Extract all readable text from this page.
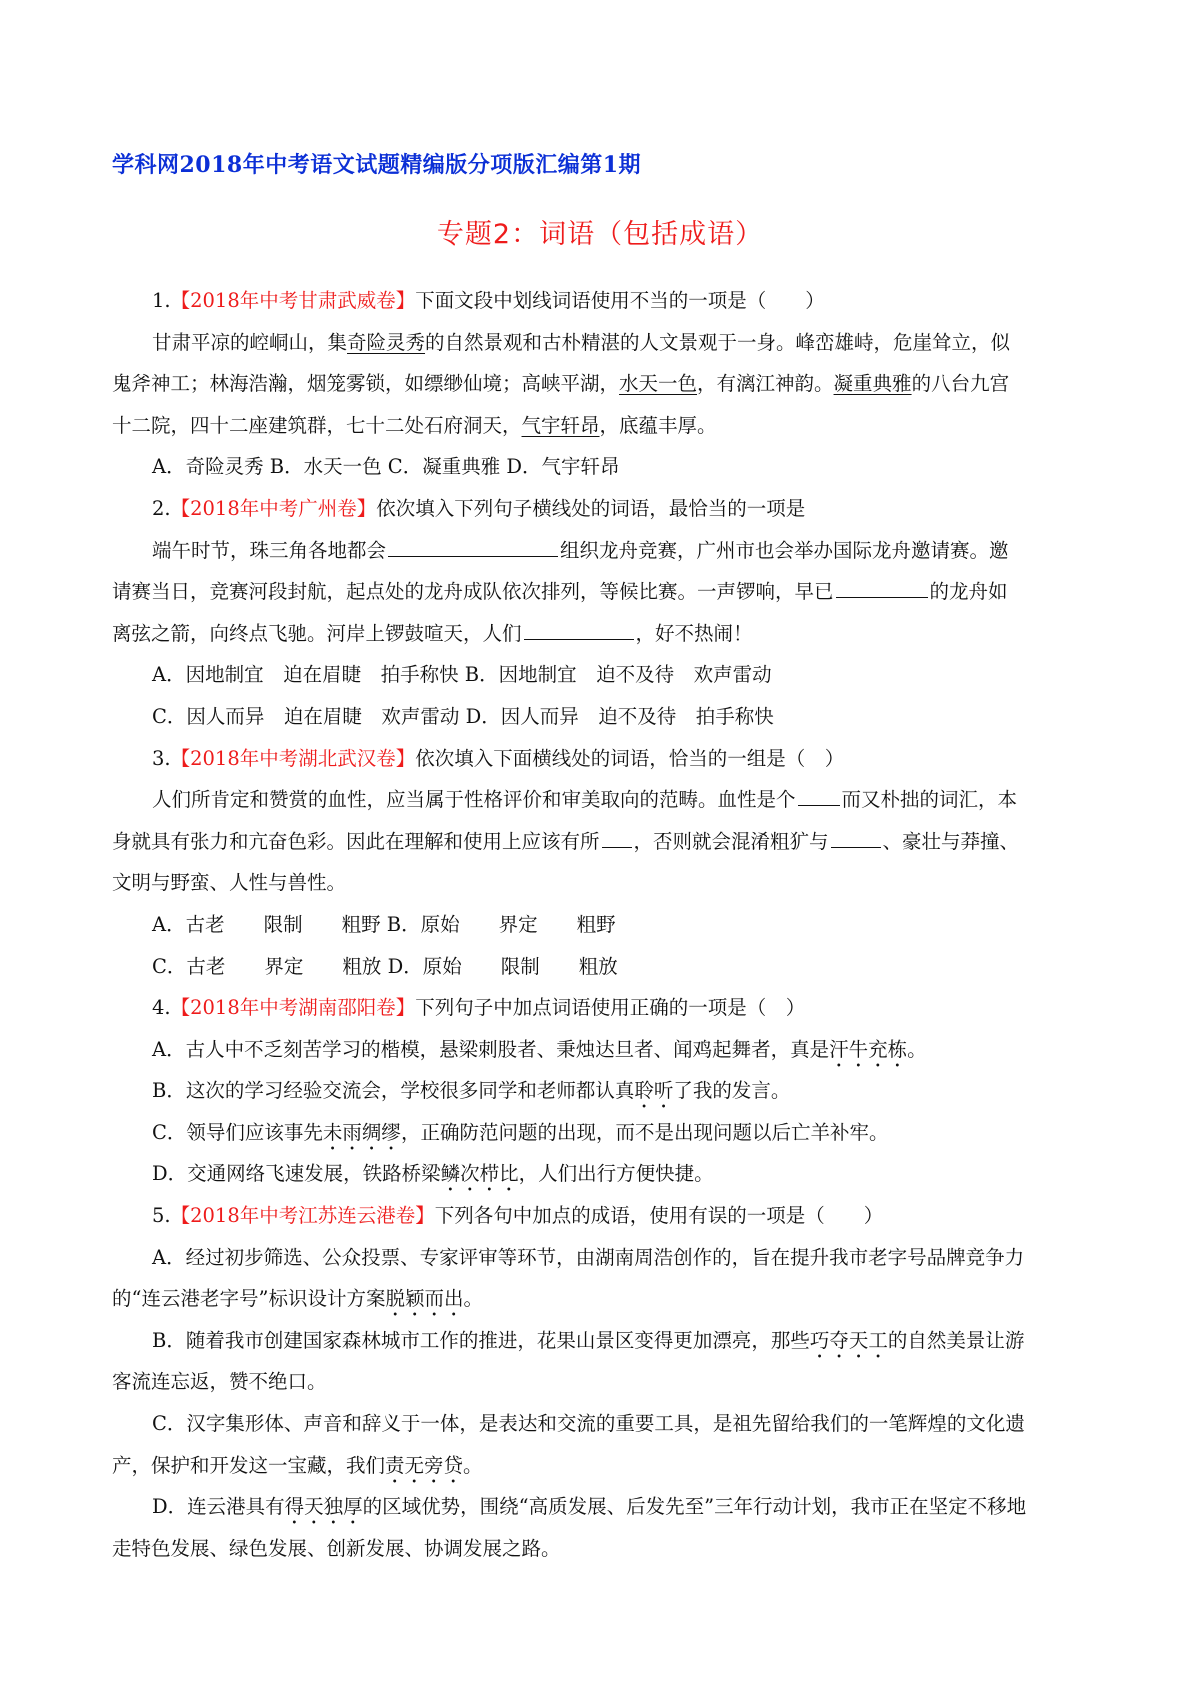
学科网2018年中考语文试题精编版分项版汇编第1期
专题2：词语（包括成语）
1.【2018年中考甘肃武威卷】下面文段中划线词语使用不当的一项是（　　）
甘肃平凉的崆峒山，集奇险灵秀的自然景观和古朴精湛的人文景观于一身。峰峦雄峙，危崖耸立，似
鬼斧神工；林海浩瀚，烟笼雾锁，如缥缈仙境；高峡平湖，水天一色，有漓江神韵。凝重典雅的八台九宫
十二院，四十二座建筑群，七十二处石府洞天，气宇轩昂，底蕴丰厚。
A．奇险灵秀 B．水天一色 C．凝重典雅 D．气宇轩昂
2.【2018年中考广州卷】依次填入下列句子横线处的词语，最恰当的一项是
端午时节，珠三角各地都会	组织龙舟竞赛，广州市也会举办国际龙舟邀请赛。邀
请赛当日，竞赛河段封航，起点处的龙舟成队依次排列，等候比赛。一声锣响，早已	的龙舟如
离弦之箭，向终点飞驰。河岸上锣鼓喧天，人们	，好不热闹！
A．因地制宜　迫在眉睫　拍手称快 B．因地制宜　迫不及待　欢声雷动
C．因人而异　迫在眉睫　欢声雷动 D．因人而异　迫不及待　拍手称快
3.【2018年中考湖北武汉卷】依次填入下面横线处的词语，恰当的一组是（　）
人们所肯定和赞赏的血性，应当属于性格评价和审美取向的范畴。血性是个 而又朴拙的词汇，本
身就具有张力和亢奋色彩。因此在理解和使用上应该有所 ，否则就会混淆粗犷与	、豪壮与莽撞、
文明与野蛮、人性与兽性。
A．古老　　限制　　粗野 B．原始　　界定　　粗野
C．古老　　界定　　粗放 D．原始　　限制　　粗放
4.【2018年中考湖南邵阳卷】下列句子中加点词语使用正确的一项是（　）
A．古人中不乏刻苦学习的楷模，悬梁刺股者、秉烛达旦者、闻鸡起舞者，真是汗牛充栋。
B．这次的学习经验交流会，学校很多同学和老师都认真聆听了我的发言。
C．领导们应该事先未雨绸缪，正确防范问题的出现，而不是出现问题以后亡羊补牢。
D．交通网络飞速发展，铁路桥梁鳞次栉比，人们出行方便快捷。
5.【2018年中考江苏连云港卷】下列各句中加点的成语，使用有误的一项是（　　）
A．经过初步筛选、公众投票、专家评审等环节，由湖南周浩创作的，旨在提升我市老字号品牌竞争力
的“连云港老字号”标识设计方案脱颖而出。
B．随着我市创建国家森林城市工作的推进，花果山景区变得更加漂亮，那些巧夺天工的自然美景让游
客流连忘返，赞不绝口。
C．汉字集形体、声音和辞义于一体，是表达和交流的重要工具，是祖先留给我们的一笔辉煌的文化遗
产，保护和开发这一宝藏，我们责无旁贷。
D．连云港具有得天独厚的区域优势，围绕“高质发展、后发先至”三年行动计划，我市正在坚定不移地
走特色发展、绿色发展、创新发展、协调发展之路。
